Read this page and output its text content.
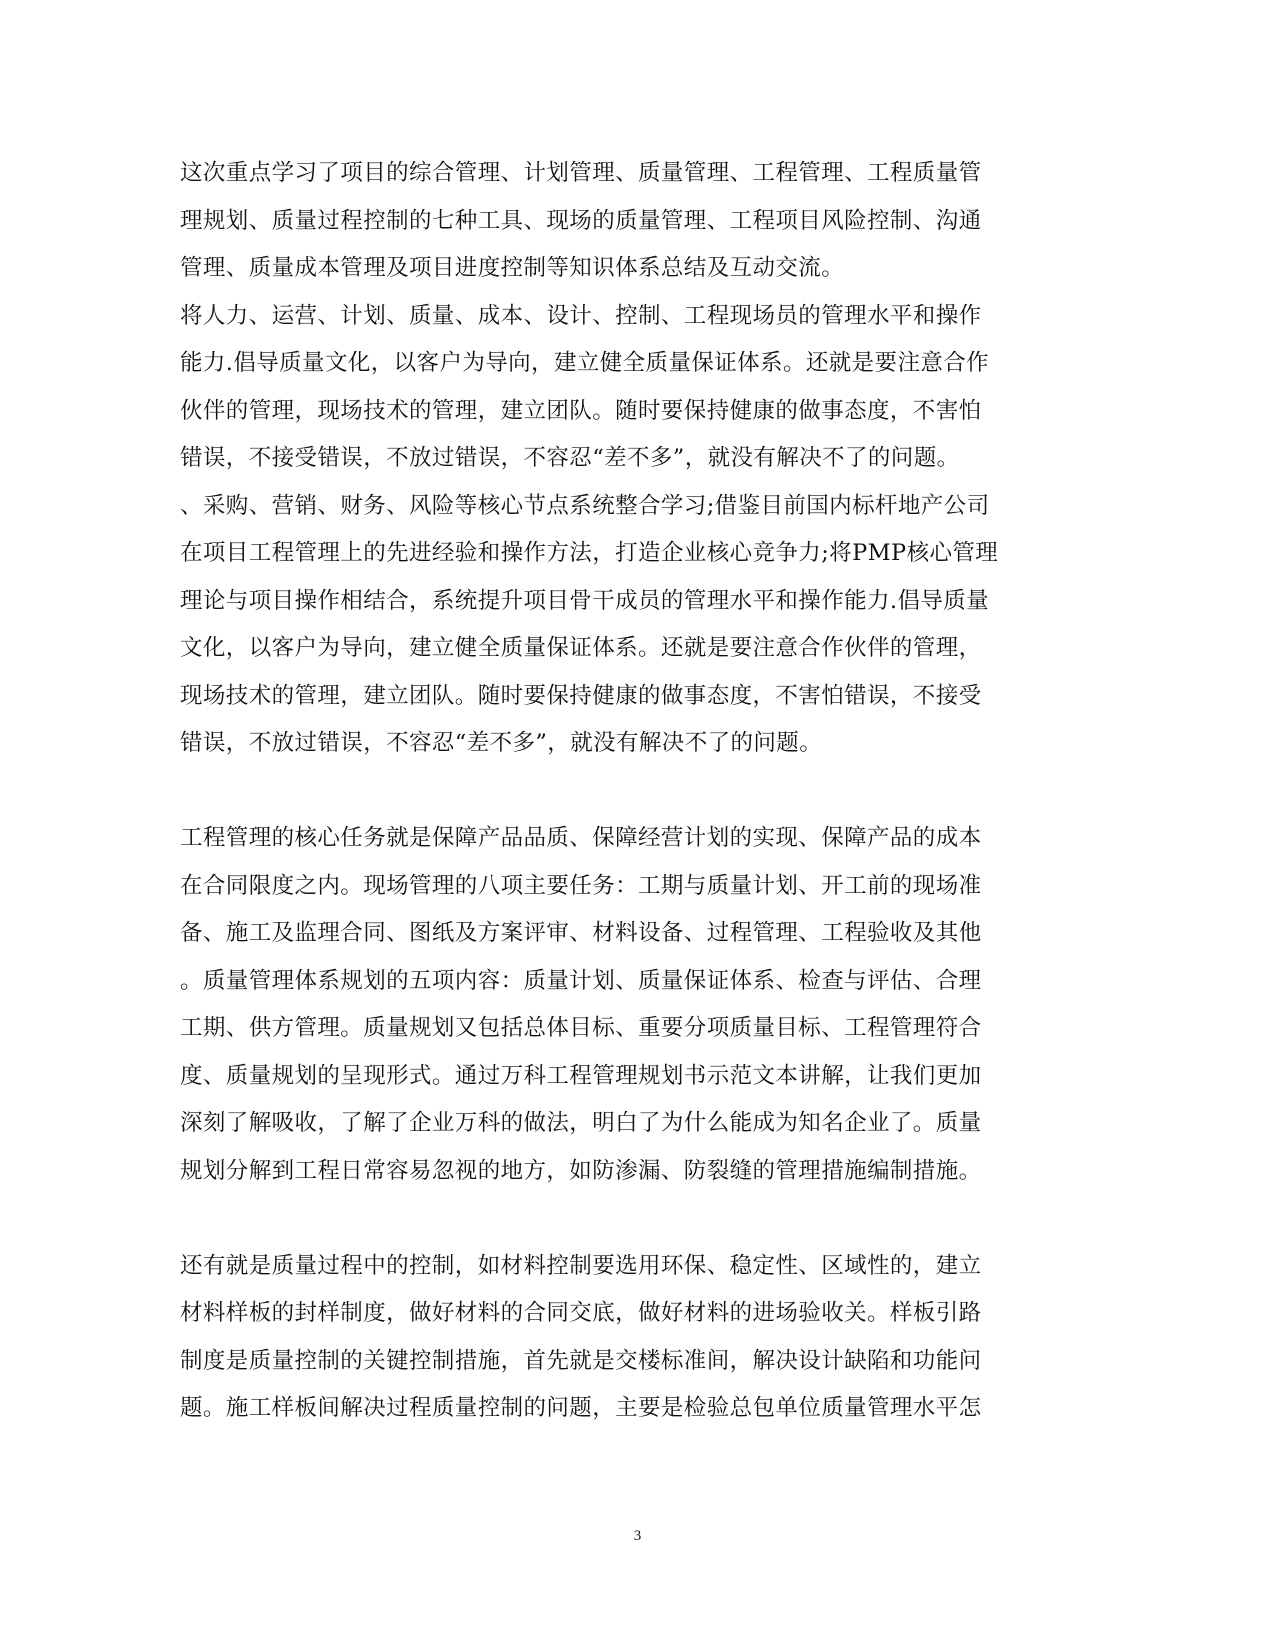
这次重点学习了项目的综合管理、计划管理、质量管理、工程管理、工程质量管
理规划、质量过程控制的七种工具、现场的质量管理、工程项目风险控制、沟通
管理、质量成本管理及项目进度控制等知识体系总结及互动交流。
将人力、运营、计划、质量、成本、设计、控制、工程现场员的管理水平和操作
能力.倡导质量文化，以客户为导向，建立健全质量保证体系。还就是要注意合作
伙伴的管理，现场技术的管理，建立团队。随时要保持健康的做事态度，不害怕
错误，不接受错误，不放过错误，不容忍“差不多”，就没有解决不了的问题。
、采购、营销、财务、风险等核心节点系统整合学习;借鉴目前国内标杆地产公司
在项目工程管理上的先进经验和操作方法，打造企业核心竞争力;将PMP核心管理
理论与项目操作相结合，系统提升项目骨干成员的管理水平和操作能力.倡导质量
文化，以客户为导向，建立健全质量保证体系。还就是要注意合作伙伴的管理，
现场技术的管理，建立团队。随时要保持健康的做事态度，不害怕错误，不接受
错误，不放过错误，不容忍“差不多”，就没有解决不了的问题。
工程管理的核心任务就是保障产品品质、保障经营计划的实现、保障产品的成本
在合同限度之内。现场管理的八项主要任务：工期与质量计划、开工前的现场准
备、施工及监理合同、图纸及方案评审、材料设备、过程管理、工程验收及其他
。质量管理体系规划的五项内容：质量计划、质量保证体系、检查与评估、合理
工期、供方管理。质量规划又包括总体目标、重要分项质量目标、工程管理符合
度、质量规划的呈现形式。通过万科工程管理规划书示范文本讲解，让我们更加
深刻了解吸收，了解了企业万科的做法，明白了为什么能成为知名企业了。质量
规划分解到工程日常容易忽视的地方，如防渗漏、防裂缝的管理措施编制措施。
还有就是质量过程中的控制，如材料控制要选用环保、稳定性、区域性的，建立
材料样板的封样制度，做好材料的合同交底，做好材料的进场验收关。样板引路
制度是质量控制的关键控制措施，首先就是交楼标准间，解决设计缺陷和功能问
题。施工样板间解决过程质量控制的问题，主要是检验总包单位质量管理水平怎
3
